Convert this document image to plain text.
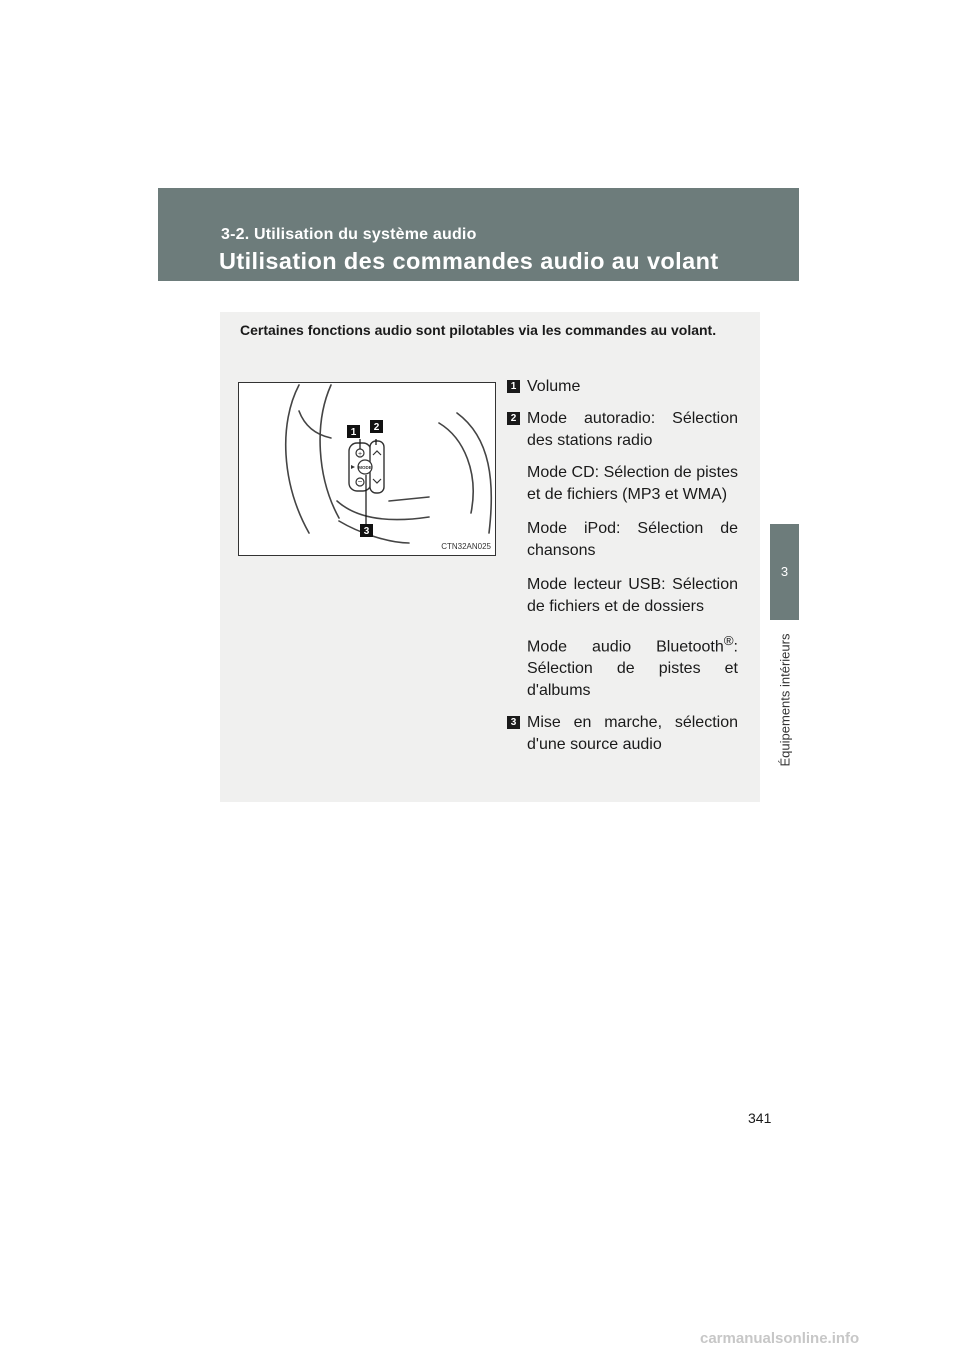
3-2. Utilisation du système audio
Utilisation des commandes audio au volant
3
Équipements intérieurs
Certaines fonctions audio sont pilotables via les commandes au volant.
+
−
MODE
1 2
3
CTN32AN025
1 Volume
2 Mode autoradio: Sélection des stations radio
Mode CD: Sélection de pistes et de fichiers (MP3 et WMA)
Mode iPod: Sélection de chansons
Mode lecteur USB: Sélection de fichiers et de dossiers
Mode audio Bluetooth®:
Sélection de pistes et d'albums
3 Mise en marche, sélection d'une source audio
341
carmanualsonline.info
